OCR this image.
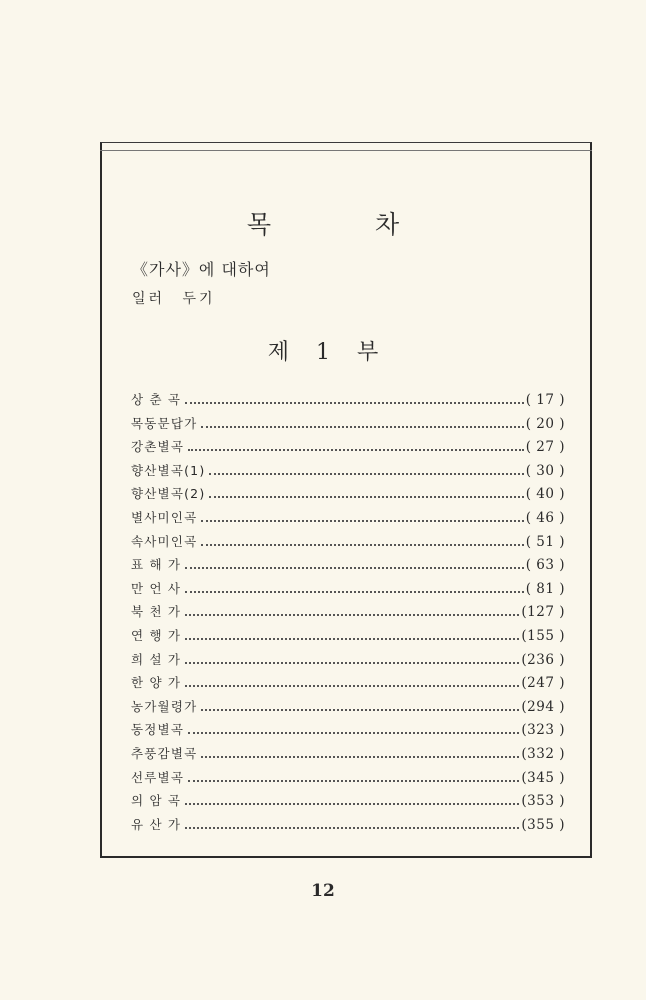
목 차
《가사》에 대하여
일러 두기
제 1 부
상 춘 곡	( 17 )
목동문답가	( 20 )
강촌별곡	( 27 )
향산별곡(1)	( 30 )
향산별곡(2)	( 40 )
별사미인곡	( 46 )
속사미인곡	( 51 )
표 해 가	( 63 )
만 언 사	( 81 )
북 천 가	(127 )
연 행 가	(155 )
희 설 가	(236 )
한 양 가	(247 )
농가월령가	(294 )
동정별곡	(323 )
추풍감별곡	(332 )
선루별곡	(345 )
의 암 곡	(353 )
유 산 가	(355 )
12
